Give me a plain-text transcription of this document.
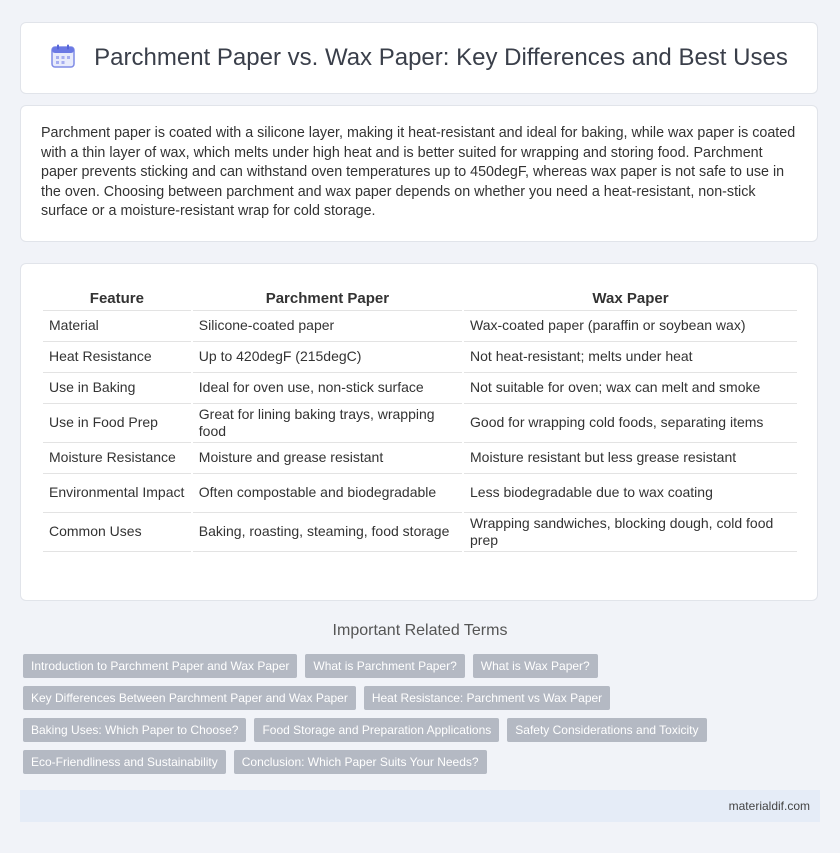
Parchment Paper vs. Wax Paper: Key Differences and Best Uses

Parchment paper is coated with a silicone layer, making it heat-resistant and ideal for baking, while wax paper is coated with a thin layer of wax, which melts under high heat and is better suited for wrapping and storing food. Parchment paper prevents sticking and can withstand oven temperatures up to 450degF, whereas wax paper is not safe to use in the oven. Choosing between parchment and wax paper depends on whether you need a heat-resistant, non-stick surface or a moisture-resistant wrap for cold storage.

Feature	Parchment Paper	Wax Paper
Material	Silicone-coated paper	Wax-coated paper (paraffin or soybean wax)
Heat Resistance	Up to 420degF (215degC)	Not heat-resistant; melts under heat
Use in Baking	Ideal for oven use, non-stick surface	Not suitable for oven; wax can melt and smoke
Use in Food Prep	Great for lining baking trays, wrapping food	Good for wrapping cold foods, separating items
Moisture Resistance	Moisture and grease resistant	Moisture resistant but less grease resistant
Environmental Impact	Often compostable and biodegradable	Less biodegradable due to wax coating
Common Uses	Baking, roasting, steaming, food storage	Wrapping sandwiches, blocking dough, cold food prep
Important Related Terms
Introduction to Parchment Paper and Wax Paper	What is Parchment Paper?	What is Wax Paper?
Key Differences Between Parchment Paper and Wax Paper	Heat Resistance: Parchment vs Wax Paper
Baking Uses: Which Paper to Choose?	Food Storage and Preparation Applications	Safety Considerations and Toxicity
Eco-Friendliness and Sustainability	Conclusion: Which Paper Suits Your Needs?
materialdif.com
